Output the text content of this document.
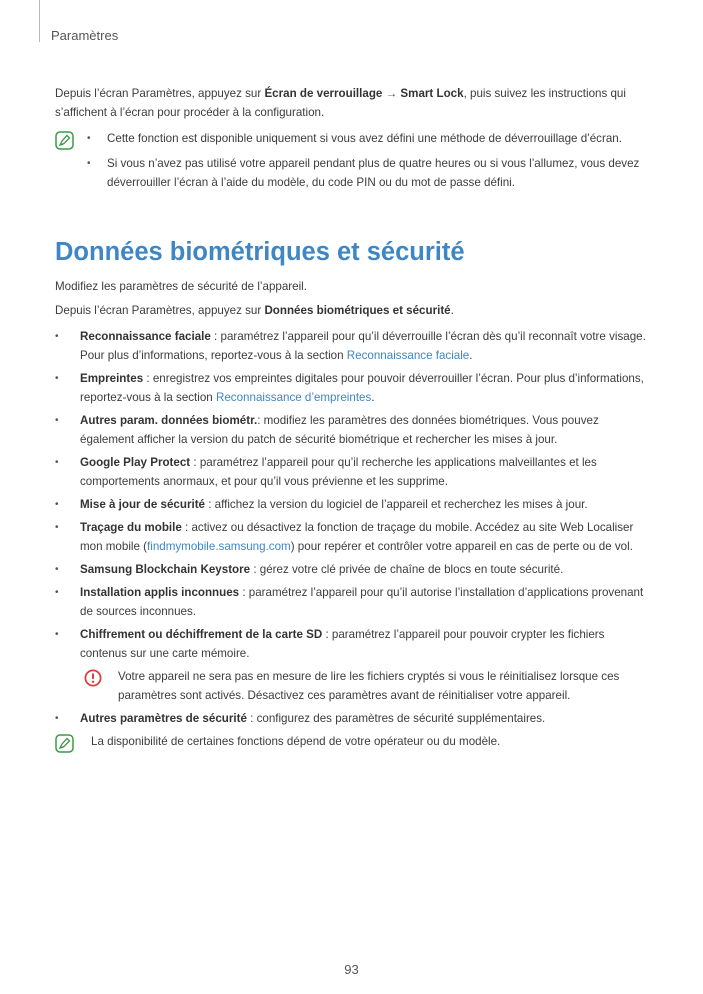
Paramètres

Depuis l’écran Paramètres, appuyez sur Écran de verrouillage → Smart Lock, puis suivez les instructions qui s’affichent à l’écran pour procéder à la configuration.

• Cette fonction est disponible uniquement si vous avez défini une méthode de déverrouillage d’écran.
• Si vous n’avez pas utilisé votre appareil pendant plus de quatre heures ou si vous l’allumez, vous devez déverrouiller l’écran à l’aide du modèle, du code PIN ou du mot de passe défini.
Données biométriques et sécurité

Modifiez les paramètres de sécurité de l’appareil.

Depuis l’écran Paramètres, appuyez sur Données biométriques et sécurité.

• Reconnaissance faciale : paramétrez l’appareil pour qu’il déverrouille l’écran dès qu’il reconnaît votre visage. Pour plus d’informations, reportez-vous à la section Reconnaissance faciale.
• Empreintes : enregistrez vos empreintes digitales pour pouvoir déverrouiller l’écran. Pour plus d’informations, reportez-vous à la section Reconnaissance d’empreintes.
• Autres param. données biométr.: modifiez les paramètres des données biométriques. Vous pouvez également afficher la version du patch de sécurité biométrique et rechercher les mises à jour.
• Google Play Protect : paramétrez l’appareil pour qu’il recherche les applications malveillantes et les comportements anormaux, et pour qu’il vous prévienne et les supprime.
• Mise à jour de sécurité : affichez la version du logiciel de l’appareil et recherchez les mises à jour.
• Traçage du mobile : activez ou désactivez la fonction de traçage du mobile. Accédez au site Web Localiser mon mobile (findmymobile.samsung.com) pour repérer et contrôler votre appareil en cas de perte ou de vol.
• Samsung Blockchain Keystore : gérez votre clé privée de chaîne de blocs en toute sécurité.
• Installation applis inconnues : paramétrez l’appareil pour qu’il autorise l’installation d’applications provenant de sources inconnues.
• Chiffrement ou déchiffrement de la carte SD : paramétrez l’appareil pour pouvoir crypter les fichiers contenus sur une carte mémoire.
Votre appareil ne sera pas en mesure de lire les fichiers cryptés si vous le réinitialisez lorsque ces paramètres sont activés. Désactivez ces paramètres avant de réinitialiser votre appareil.
• Autres paramètres de sécurité : configurez des paramètres de sécurité supplémentaires.
La disponibilité de certaines fonctions dépend de votre opérateur ou du modèle.
93
